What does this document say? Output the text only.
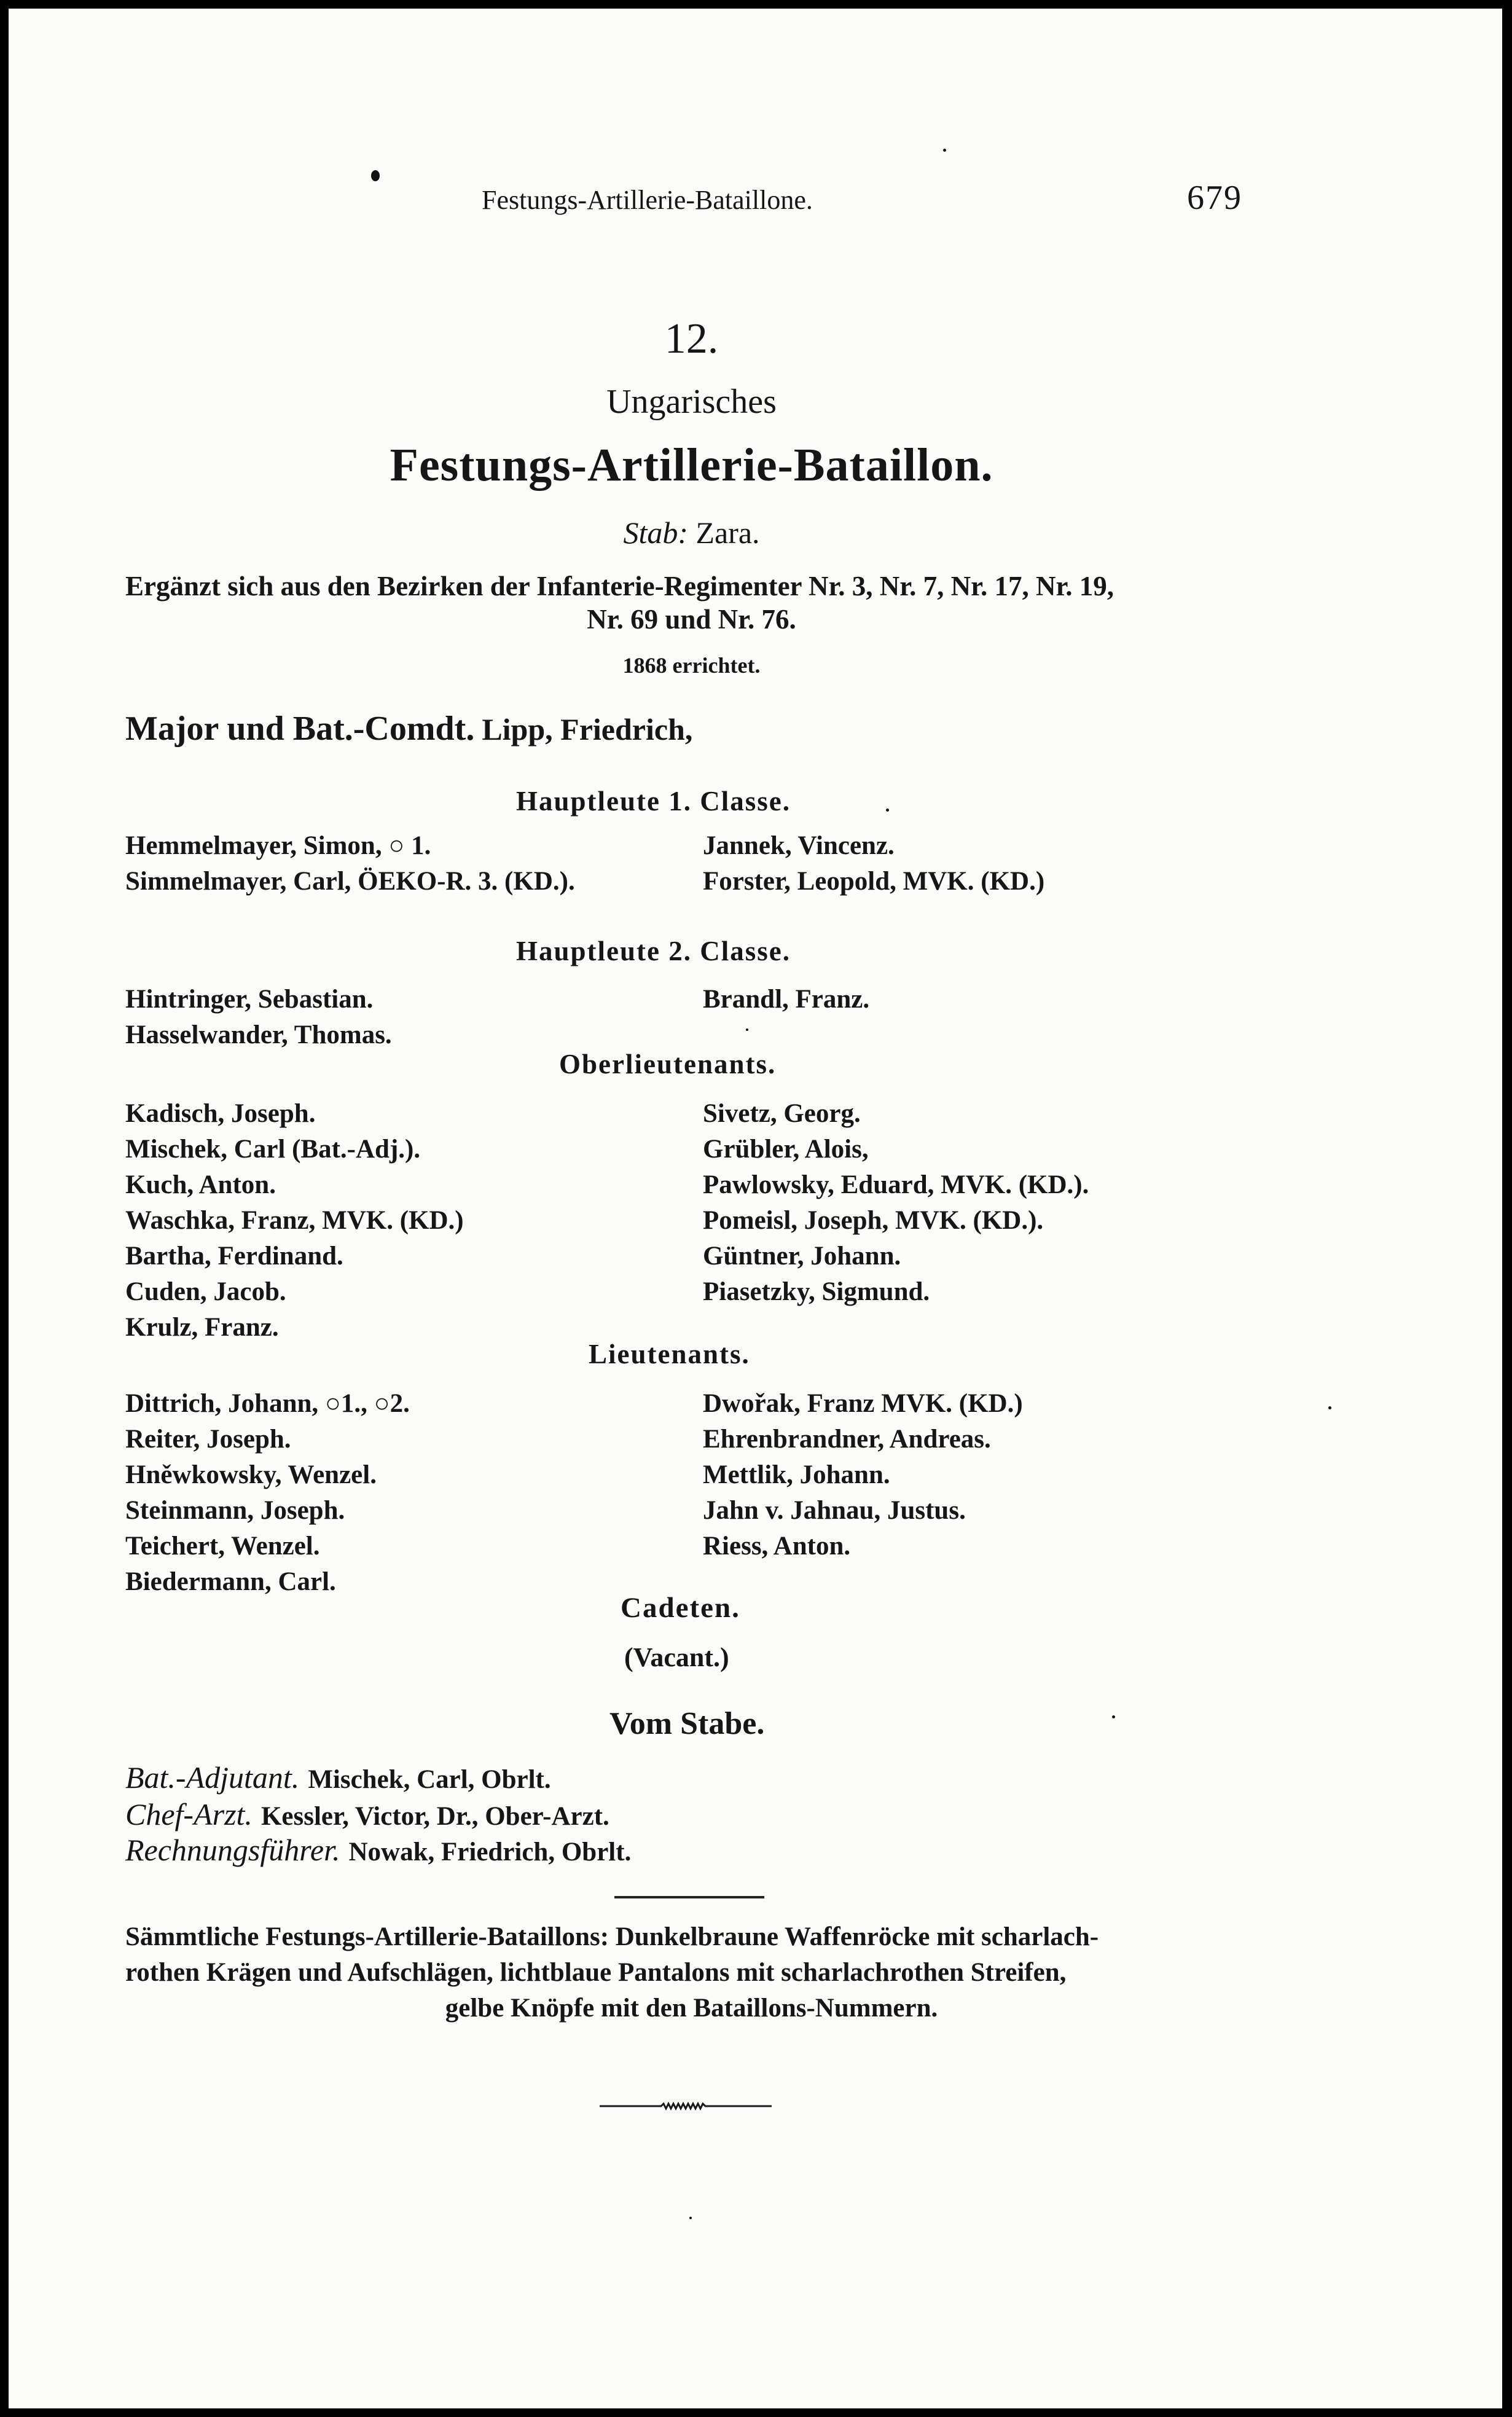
Festungs-Artillerie-Bataillone.	679
12.
Ungarisches
Festungs-Artillerie-Bataillon.
Stab: Zara.
Ergänzt sich aus den Bezirken der Infanterie-Regimenter Nr. 3, Nr. 7, Nr. 17, Nr. 19,
Nr. 69 und Nr. 76.
1868 errichtet.
Major und Bat.-Comdt. Lipp, Friedrich,
Hauptleute 1. Classe.
Hemmelmayer, Simon, ○ 1.
Simmelmayer, Carl, ÖEKO-R. 3. (KD.).
Jannek, Vincenz.
Forster, Leopold, MVK. (KD.)
Hauptleute 2. Classe.
Hintringer, Sebastian.
Hasselwander, Thomas.
Brandl, Franz.
Oberlieutenants.
Kadisch, Joseph.
Mischek, Carl (Bat.-Adj.).
Kuch, Anton.
Waschka, Franz, MVK. (KD.)
Bartha, Ferdinand.
Cuden, Jacob.
Krulz, Franz.
Sivetz, Georg.
Grübler, Alois,
Pawlowsky, Eduard, MVK. (KD.).
Pomeisl, Joseph, MVK. (KD.).
Güntner, Johann.
Piasetzky, Sigmund.
Lieutenants.
Dittrich, Johann, ○1., ○2.
Reiter, Joseph.
Hněwkowsky, Wenzel.
Steinmann, Joseph.
Teichert, Wenzel.
Biedermann, Carl.
Dwořak, Franz MVK. (KD.)
Ehrenbrandner, Andreas.
Mettlik, Johann.
Jahn v. Jahnau, Justus.
Riess, Anton.
Cadeten.
(Vacant.)
Vom Stabe.
Bat.-Adjutant. Mischek, Carl, Obrlt.
Chef-Arzt. Kessler, Victor, Dr., Ober-Arzt.
Rechnungsführer. Nowak, Friedrich, Obrlt.
Sämmtliche Festungs-Artillerie-Bataillons: Dunkelbraune Waffenröcke mit scharlach-
rothen Krägen und Aufschlägen, lichtblaue Pantalons mit scharlachrothen Streifen,
gelbe Knöpfe mit den Bataillons-Nummern.
